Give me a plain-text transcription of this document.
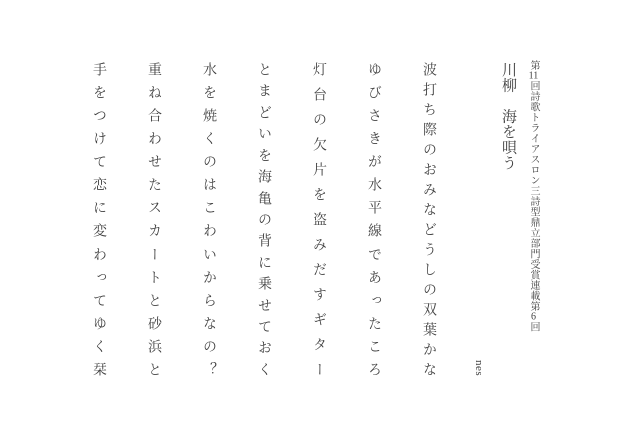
第11回詩歌トライアスロン三詩型鼎立部門受賞連載第6回
川柳　海を唄う
nes
波
打
ち
際
の
お
み
な
ど
う
し
の
双
葉
か
な
ゆ
び
さ
き
が
水
平
線
で
あ
っ
た
こ
ろ
灯
台
の
欠
片
を
盗
み
だ
す
ギ
タ
ー
と
ま
ど
い
を
海
亀
の
背
に
乗
せ
て
お
く
水
を
焼
く
の
は
こ
わ
い
か
ら
な
の
？
重
ね
合
わ
せ
た
ス
カ
ー
ト
と
砂
浜
と
手
を
つ
け
て
恋
に
変
わ
っ
て
ゆ
く
栞
